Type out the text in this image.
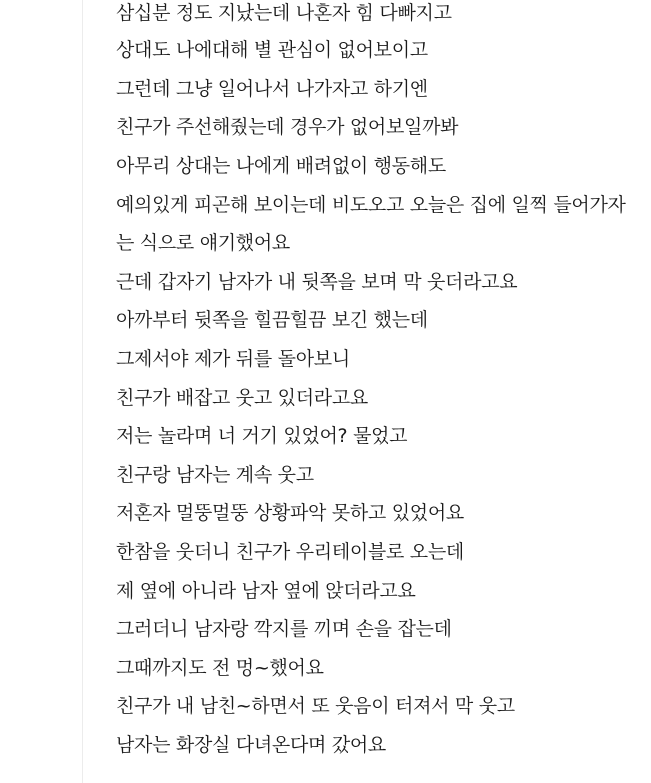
삼십분 정도 지났는데 나혼자 힘 다빠지고
상대도 나에대해 별 관심이 없어보이고
그런데 그냥 일어나서 나가자고 하기엔
친구가 주선해줬는데 경우가 없어보일까봐
아무리 상대는 나에게 배려없이 행동해도
예의있게 피곤해 보이는데 비도오고 오늘은 집에 일찍 들어가자
는 식으로 얘기했어요
근데 갑자기 남자가 내 뒷쪽을 보며 막 웃더라고요
아까부터 뒷쪽을 힐끔힐끔 보긴 했는데
그제서야 제가 뒤를 돌아보니
친구가 배잡고 웃고 있더라고요
저는 놀라며 너 거기 있었어? 물었고
친구랑 남자는 계속 웃고
저혼자 멀뚱멀뚱 상황파악 못하고 있었어요
한참을 웃더니 친구가 우리테이블로 오는데
제 옆에 아니라 남자 옆에 앉더라고요
그러더니 남자랑 깍지를 끼며 손을 잡는데
그때까지도 전 멍~했어요
친구가 내 남친~하면서 또 웃음이 터져서 막 웃고
남자는 화장실 다녀온다며 갔어요
